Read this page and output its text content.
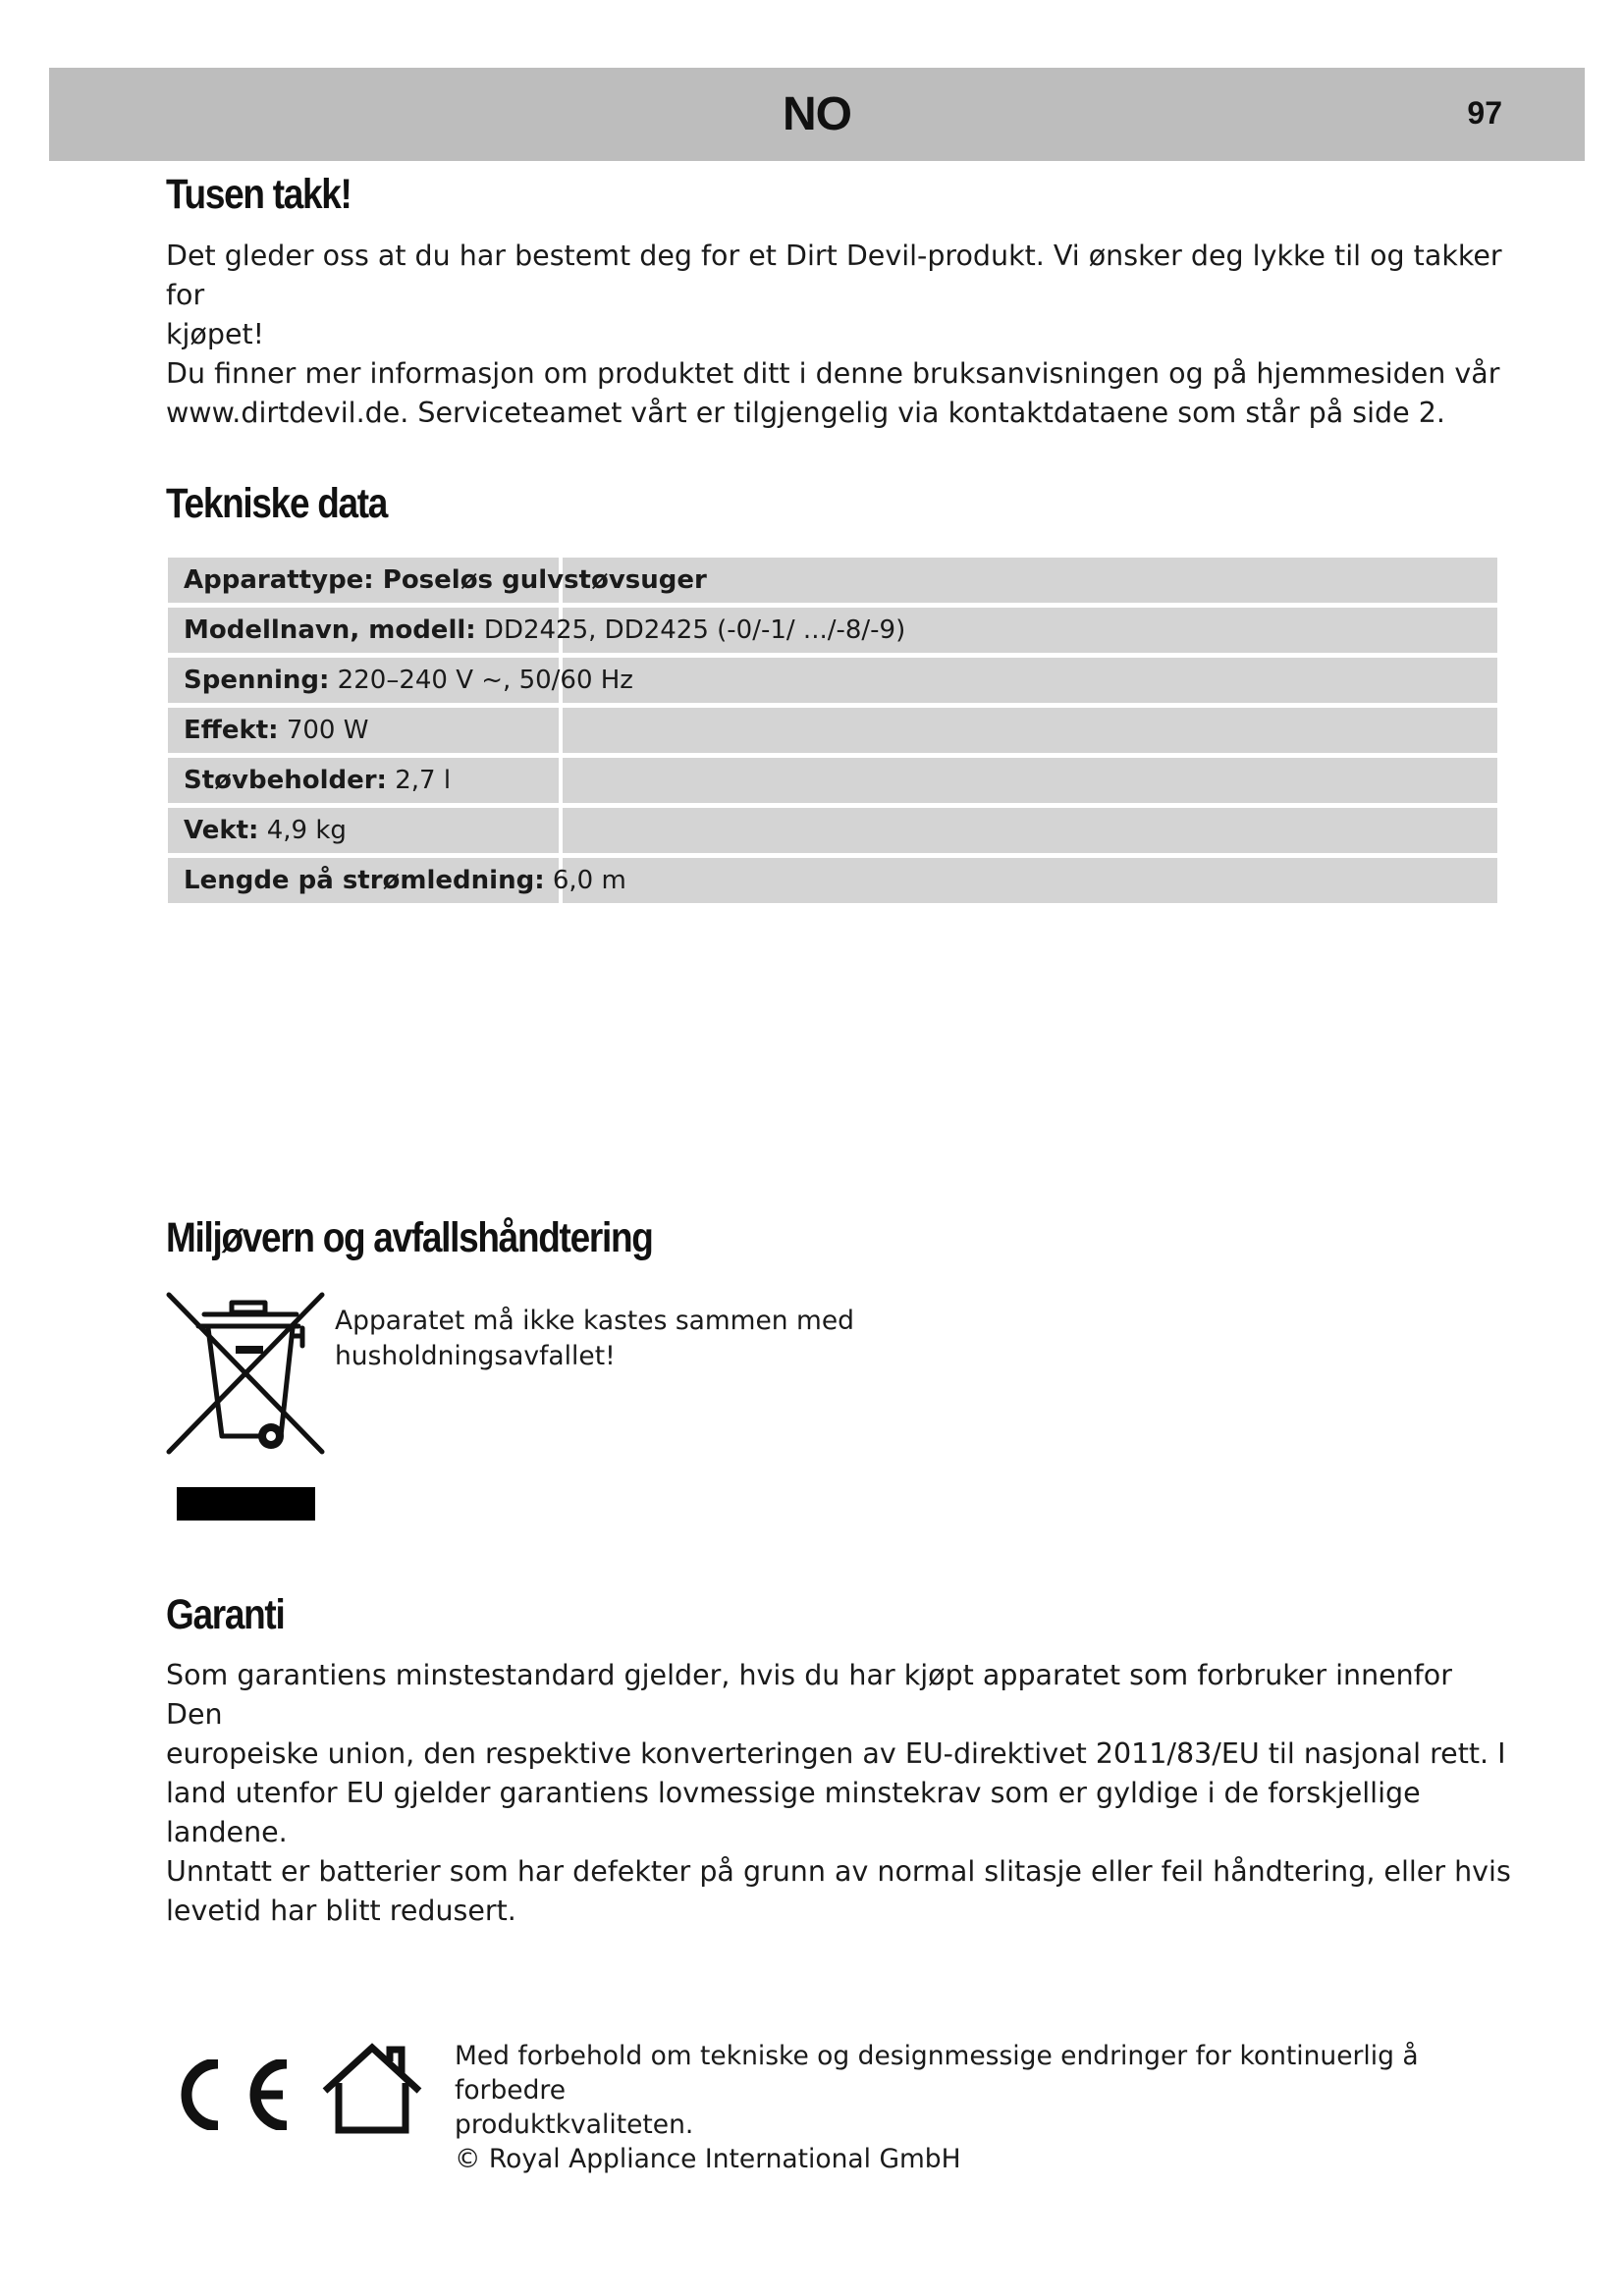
NO	97
Tusen takk!
Det gleder oss at du har bestemt deg for et Dirt Devil-produkt. Vi ønsker deg lykke til og takker for
kjøpet!
Du finner mer informasjon om produktet ditt i denne bruksanvisningen og på hjemmesiden vår
www.dirtdevil.de. Serviceteamet vårt er tilgjengelig via kontaktdataene som står på side 2.
Tekniske data
Apparattype: Poseløs gulvstøvsuger	
Modellnavn, modell: DD2425, DD2425 (-0/-1/ .../-8/-9)	
Spenning: 220–240 V ~, 50/60 Hz	
Effekt: 700 W	
Støvbeholder: 2,7 l	
Vekt: 4,9 kg	
Lengde på strømledning: 6,0 m	
Miljøvern og avfallshåndtering
Apparatet må ikke kastes sammen med
husholdningsavfallet!
Garanti
Som garantiens minstestandard gjelder, hvis du har kjøpt apparatet som forbruker innenfor Den
europeiske union, den respektive konverteringen av EU-direktivet 2011/83/EU til nasjonal rett. I
land utenfor EU gjelder garantiens lovmessige minstekrav som er gyldige i de forskjellige landene.
Unntatt er batterier som har defekter på grunn av normal slitasje eller feil håndtering, eller hvis
levetid har blitt redusert.
Med forbehold om tekniske og designmessige endringer for kontinuerlig å forbedre
produktkvaliteten.
© Royal Appliance International GmbH
